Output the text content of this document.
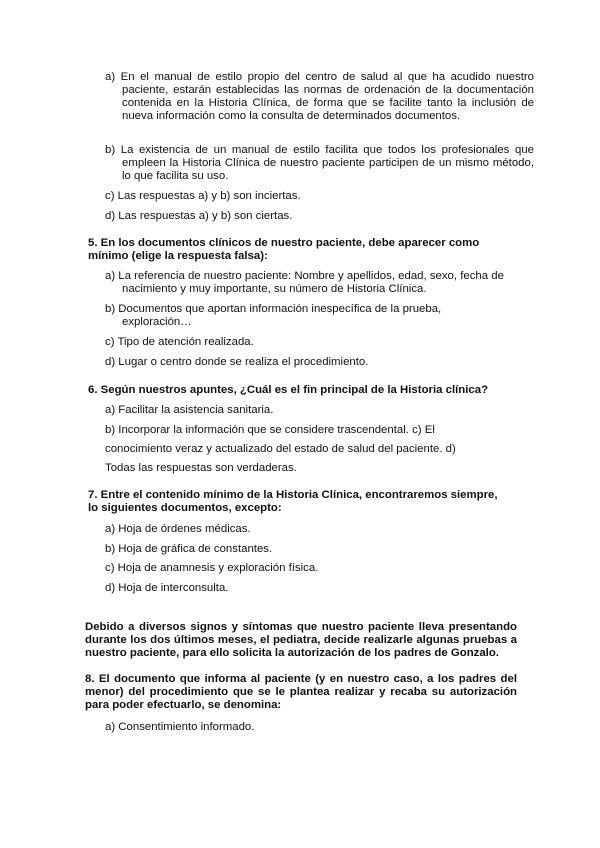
a) En el manual de estilo propio del centro de salud al que ha acudido nuestro paciente, estarán establecidas las normas de ordenación de la documentación contenida en la Historia Clínica, de forma que se facilite tanto la inclusión de nueva información como la consulta de determinados documentos.

b) La existencia de un manual de estilo facilita que todos los profesionales que empleen la Historia Clínica de nuestro paciente participen de un mismo método, lo que facilita su uso.

c) Las respuestas a) y b) son inciertas.

d) Las respuestas a) y b) son ciertas.

5. En los documentos clínicos de nuestro paciente, debe aparecer como mínimo (elige la respuesta falsa):

a) La referencia de nuestro paciente: Nombre y apellidos, edad, sexo, fecha de nacimiento y muy importante, su número de Historia Clínica.

b) Documentos que aportan información inespecífica de la prueba, exploración…

c) Tipo de atención realizada.

d) Lugar o centro donde se realiza el procedimiento.

6. Según nuestros apuntes, ¿Cuál es el fin principal de la Historia clínica?

a) Facilitar la asistencia sanitaria.

b) Incorporar la información que se considere trascendental. c) El

conocimiento veraz y actualizado del estado de salud del paciente. d)

Todas las respuestas son verdaderas.

7. Entre el contenido mínimo de la Historia Clínica, encontraremos siempre, lo siguientes documentos, excepto:

a) Hoja de órdenes médicas.

b) Hoja de gráfica de constantes.

c) Hoja de anamnesis y exploración física.

d) Hoja de interconsulta.

Debido a diversos signos y síntomas que nuestro paciente lleva presentando durante los dos últimos meses, el pediatra, decide realizarle algunas pruebas a nuestro paciente, para ello solicita la autorización de los padres de Gonzalo.

8. El documento que informa al paciente (y en nuestro caso, a los padres del menor) del procedimiento que se le plantea realizar y recaba su autorización para poder efectuarlo, se denomina:

a) Consentimiento informado.
